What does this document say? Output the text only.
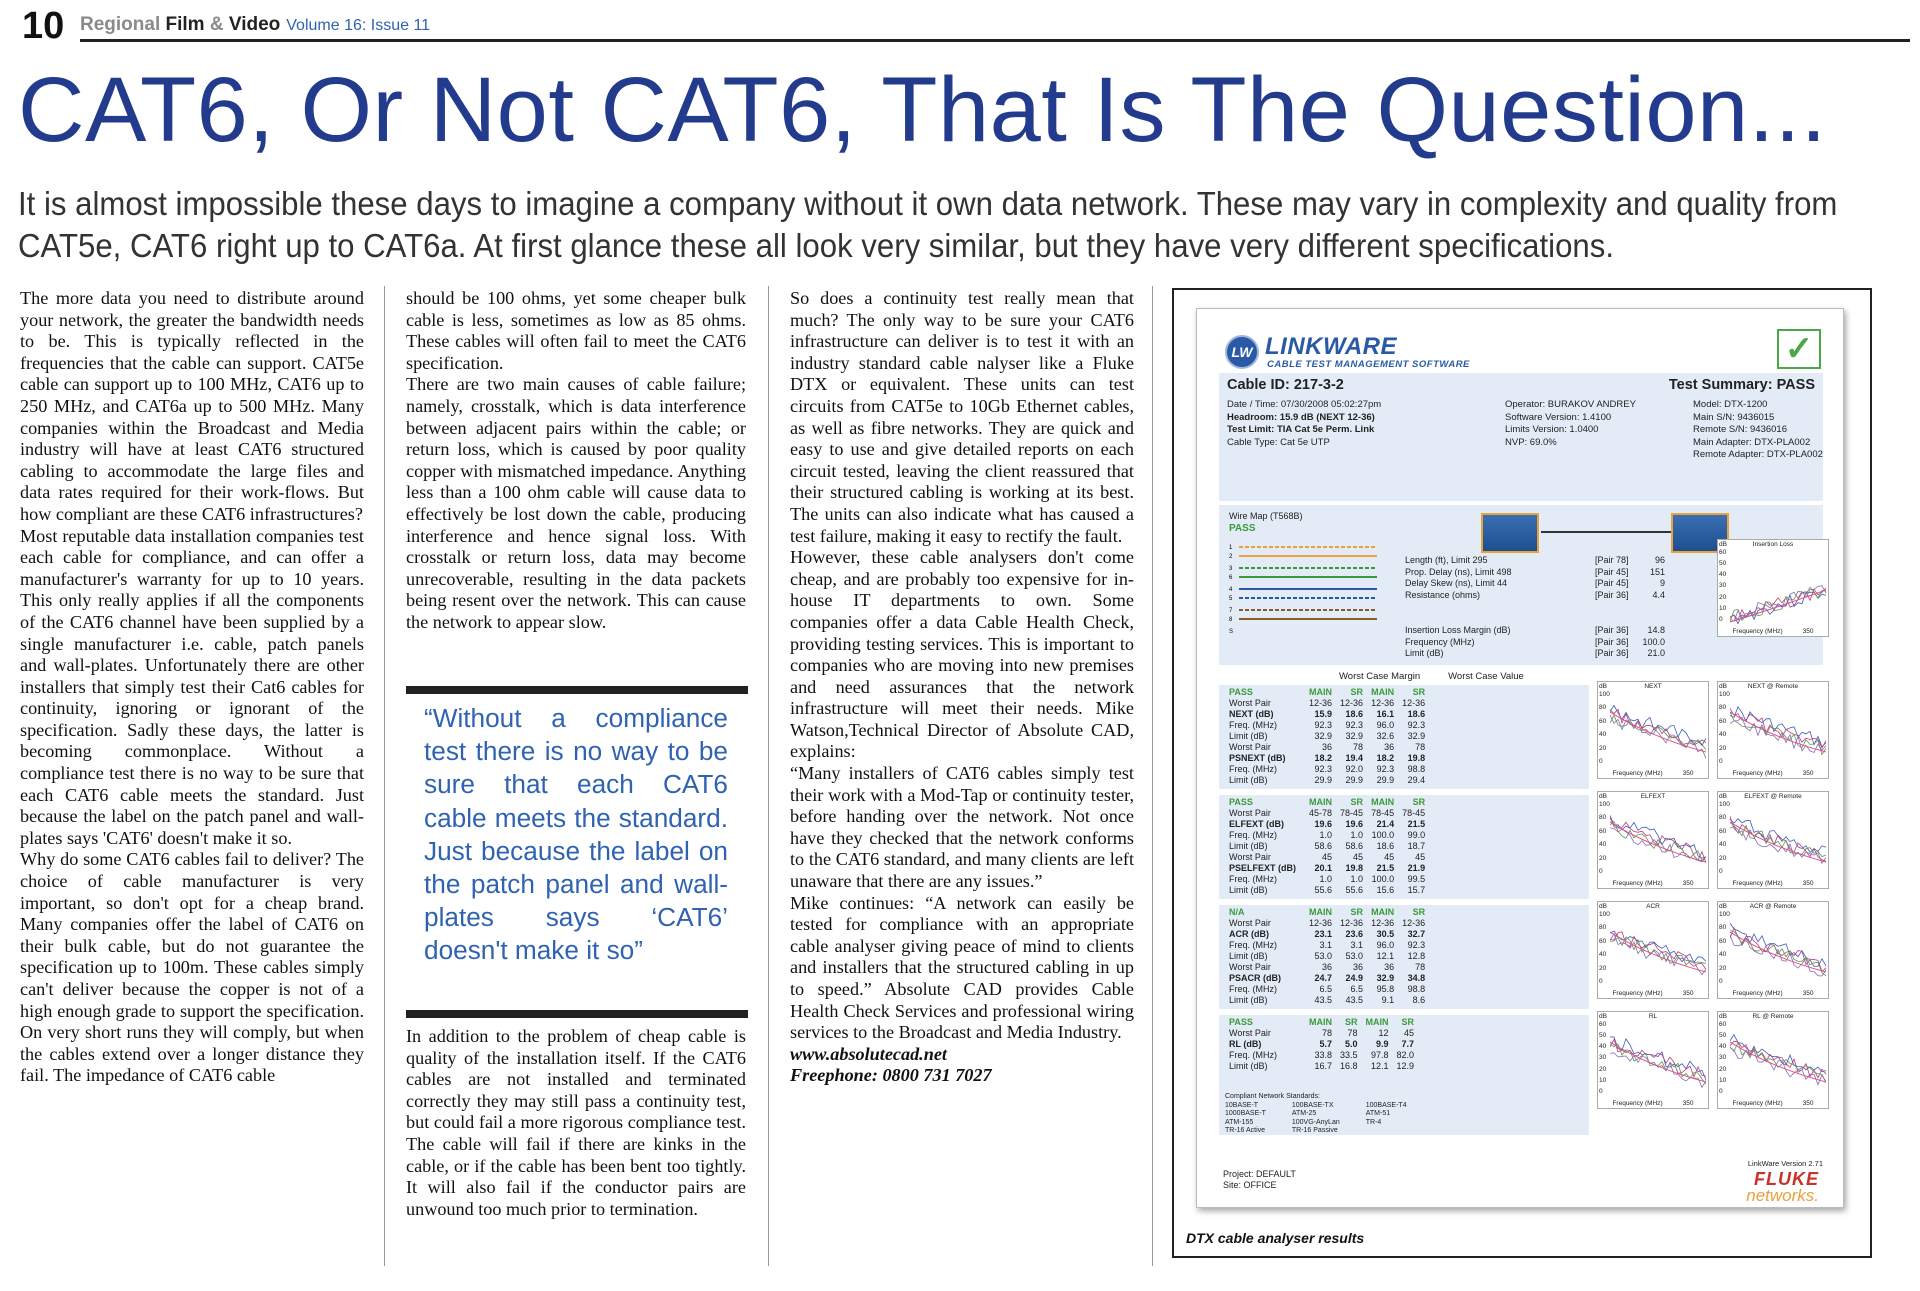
10 Regional Film & Video Volume 16: Issue 11
CAT6, Or Not CAT6, That Is The Question...
It is almost impossible these days to imagine a company without it own data network. These may vary in complexity and quality from CAT5e, CAT6 right up to CAT6a. At first glance these all look very similar, but they have very different specifications.

The more data you need to distribute around your network, the greater the bandwidth needs to be. This is typically reflected in the frequencies that the cable can support. CAT5e cable can support up to 100 MHz, CAT6 up to 250 MHz, and CAT6a up to 500 MHz. Many companies within the Broadcast and Media industry will have at least CAT6 structured cabling to accommodate the large files and data rates required for their work-flows. But how compliant are these CAT6 infrastructures?

Most reputable data installation companies test each cable for compliance, and can offer a manufacturer's warranty for up to 10 years. This only really applies if all the components of the CAT6 channel have been supplied by a single manufacturer i.e. cable, patch panels and wall-plates. Unfortunately there are other installers that simply test their Cat6 cables for continuity, ignoring or ignorant of the specification. Sadly these days, the latter is becoming commonplace. Without a compliance test there is no way to be sure that each CAT6 cable meets the standard. Just because the label on the patch panel and wall-plates says 'CAT6' doesn't make it so.

Why do some CAT6 cables fail to deliver? The choice of cable manufacturer is very important, so don't opt for a cheap brand. Many companies offer the label of CAT6 on their bulk cable, but do not guarantee the specification up to 100m. These cables simply can't deliver because the copper is not of a high enough grade to support the specification. On very short runs they will comply, but when the cables extend over a longer distance they fail. The impedance of CAT6 cable

should be 100 ohms, yet some cheaper bulk cable is less, sometimes as low as 85 ohms. These cables will often fail to meet the CAT6 specification.

There are two main causes of cable failure; namely, crosstalk, which is data interference between adjacent pairs within the cable; or return loss, which is caused by poor quality copper with mismatched impedance. Anything less than a 100 ohm cable will cause data to effectively be lost down the cable, producing interference and hence signal loss. With crosstalk or return loss, data may become unrecoverable, resulting in the data packets being resent over the network. This can cause the network to appear slow.

“Without a compliance test there is no way to be sure that each CAT6 cable meets the standard. Just because the label on the patch panel and wall-plates says ‘CAT6’ doesn't make it so”

In addition to the problem of cheap cable is quality of the installation itself. If the CAT6 cables are not installed and terminated correctly they may still pass a continuity test, but could fail a more rigorous compliance test. The cable will fail if there are kinks in the cable, or if the cable has been bent too tightly. It will also fail if the conductor pairs are unwound too much prior to termination.

So does a continuity test really mean that much? The only way to be sure your CAT6 infrastructure can deliver is to test it with an industry standard cable nalyser like a Fluke DTX or equivalent. These units can test circuits from CAT5e to 10Gb Ethernet cables, as well as fibre networks. They are quick and easy to use and give detailed reports on each circuit tested, leaving the client reassured that their structured cabling is working at its best. The units can also indicate what has caused a test failure, making it easy to rectify the fault.

However, these cable analysers don't come cheap, and are probably too expensive for in-house IT departments to own. Some companies offer a data Cable Health Check, providing testing services. This is important to companies who are moving into new premises and need assurances that the network infrastructure will meet their needs. Mike Watson,Technical Director of Absolute CAD, explains:

“Many installers of CAT6 cables simply test their work with a Mod-Tap or continuity tester, before handing over the network. Not once have they checked that the network conforms to the CAT6 standard, and many clients are left unaware that there are any issues.”

Mike continues: “A network can easily be tested for compliance with an appropriate cable analyser giving peace of mind to clients and installers that the structured cabling in up to speed.” Absolute CAD provides Cable Health Check Services and professional wiring services to the Broadcast and Media Industry.

www.absolutecad.net

Freephone: 0800 731 7027

LW LINKWARE
CABLE TEST MANAGEMENT SOFTWARE	✓
Cable ID: 217-3-2	Test Summary: PASS
Date / Time: 07/30/2008 05:02:27pm
Headroom: 15.9 dB (NEXT 12-36)
Test Limit: TIA Cat 5e Perm. Link
Cable Type: Cat 5e UTP
Operator: BURAKOV ANDREY
Software Version: 1.4100
Limits Version: 1.0400
NVP: 69.0%
Model: DTX-1200
Main S/N: 9436015
Remote S/N: 9436016
Main Adapter: DTX-PLA002
Remote Adapter: DTX-PLA002
Wire Map (T568B)
PASS
1
2
3
6
4
5
7
8
S
Length (ft), Limit 295	[Pair 78]	96
Prop. Delay (ns), Limit 498	[Pair 45] 151
Delay Skew (ns), Limit 44	[Pair 45]	9
Resistance (ohms)	[Pair 36]	4.4
Insertion Loss Margin (dB)	[Pair 36] 14.8
Frequency (MHz)	[Pair 36] 100.0
Limit (dB)	[Pair 36] 21.0
Worst Case Margin	Worst Case Value
PASS	MAIN	SR	MAIN	SR
Worst Pair	12-36	12-36	12-36	12-36
NEXT (dB)	15.9	18.6	16.1	18.6
Freq. (MHz)	92.3	92.3	96.0	92.3
Limit (dB)	32.9	32.9	32.6	32.9
Worst Pair	36	78	36	78
PSNEXT (dB)	18.2	19.4	18.2	19.8
Freq. (MHz)	92.3	92.0	92.3	98.8
Limit (dB)	29.9	29.9	29.9	29.4
PASS	MAIN	SR	MAIN	SR
Worst Pair	45-78	78-45	78-45	78-45
ELFEXT (dB)	19.6	19.6	21.4	21.5
Freq. (MHz)	1.0	1.0	100.0	99.0
Limit (dB)	58.6	58.6	18.6	18.7
Worst Pair	45	45	45	45
PSELFEXT (dB)	20.1	19.8	21.5	21.9
Freq. (MHz)	1.0	1.0	100.0	99.5
Limit (dB)	55.6	55.6	15.6	15.7
N/A	MAIN	SR	MAIN	SR
Worst Pair	12-36	12-36	12-36	12-36
ACR (dB)	23.1	23.6	30.5	32.7
Freq. (MHz)	3.1	3.1	96.0	92.3
Limit (dB)	53.0	53.0	12.1	12.8
Worst Pair	36	36	36	78
PSACR (dB)	24.7	24.9	32.9	34.8
Freq. (MHz)	6.5	6.5	95.8	98.8
Limit (dB)	43.5	43.5	9.1	8.6
PASS	MAIN	SR	MAIN	SR
Worst Pair	78	78	12	45
RL (dB)	5.7	5.0	9.9	7.7
Freq. (MHz)	33.8	33.5	97.8	82.0
Limit (dB)	16.7	16.8	12.1	12.9
Insertion Loss
dB
60
50
40
30
20
10
0
Frequency (MHz)	350
NEXT
dB
100
80
60
40
20
0
Frequency (MHz)	350
NEXT @ Remote
dB
100
80
60
40
20
0
Frequency (MHz)	350
ELFEXT
dB
100
80
60
40
20
0
Frequency (MHz)	350
ELFEXT @ Remote
dB
100
80
60
40
20
0
Frequency (MHz)	350
ACR
dB
100
80
60
40
20
0
Frequency (MHz)	350
ACR @ Remote
dB
100
80
60
40
20
0
Frequency (MHz)	350
RL
dB
60
50
40
30
20
10
0
Frequency (MHz)	350
RL @ Remote
dB
60
50
40
30
20
10
0
Frequency (MHz)	350
Compliant Network Standards:
10BASE-T
1000BASE-T
ATM-155
TR-16 Active
100BASE-TX
ATM-25
100VG-AnyLan
TR-16 Passive
100BASE-T4
ATM-51
TR-4
LinkWare Version 2.71
Project: DEFAULT
Site: OFFICE	FLUKE
networks.
DTX cable analyser results
